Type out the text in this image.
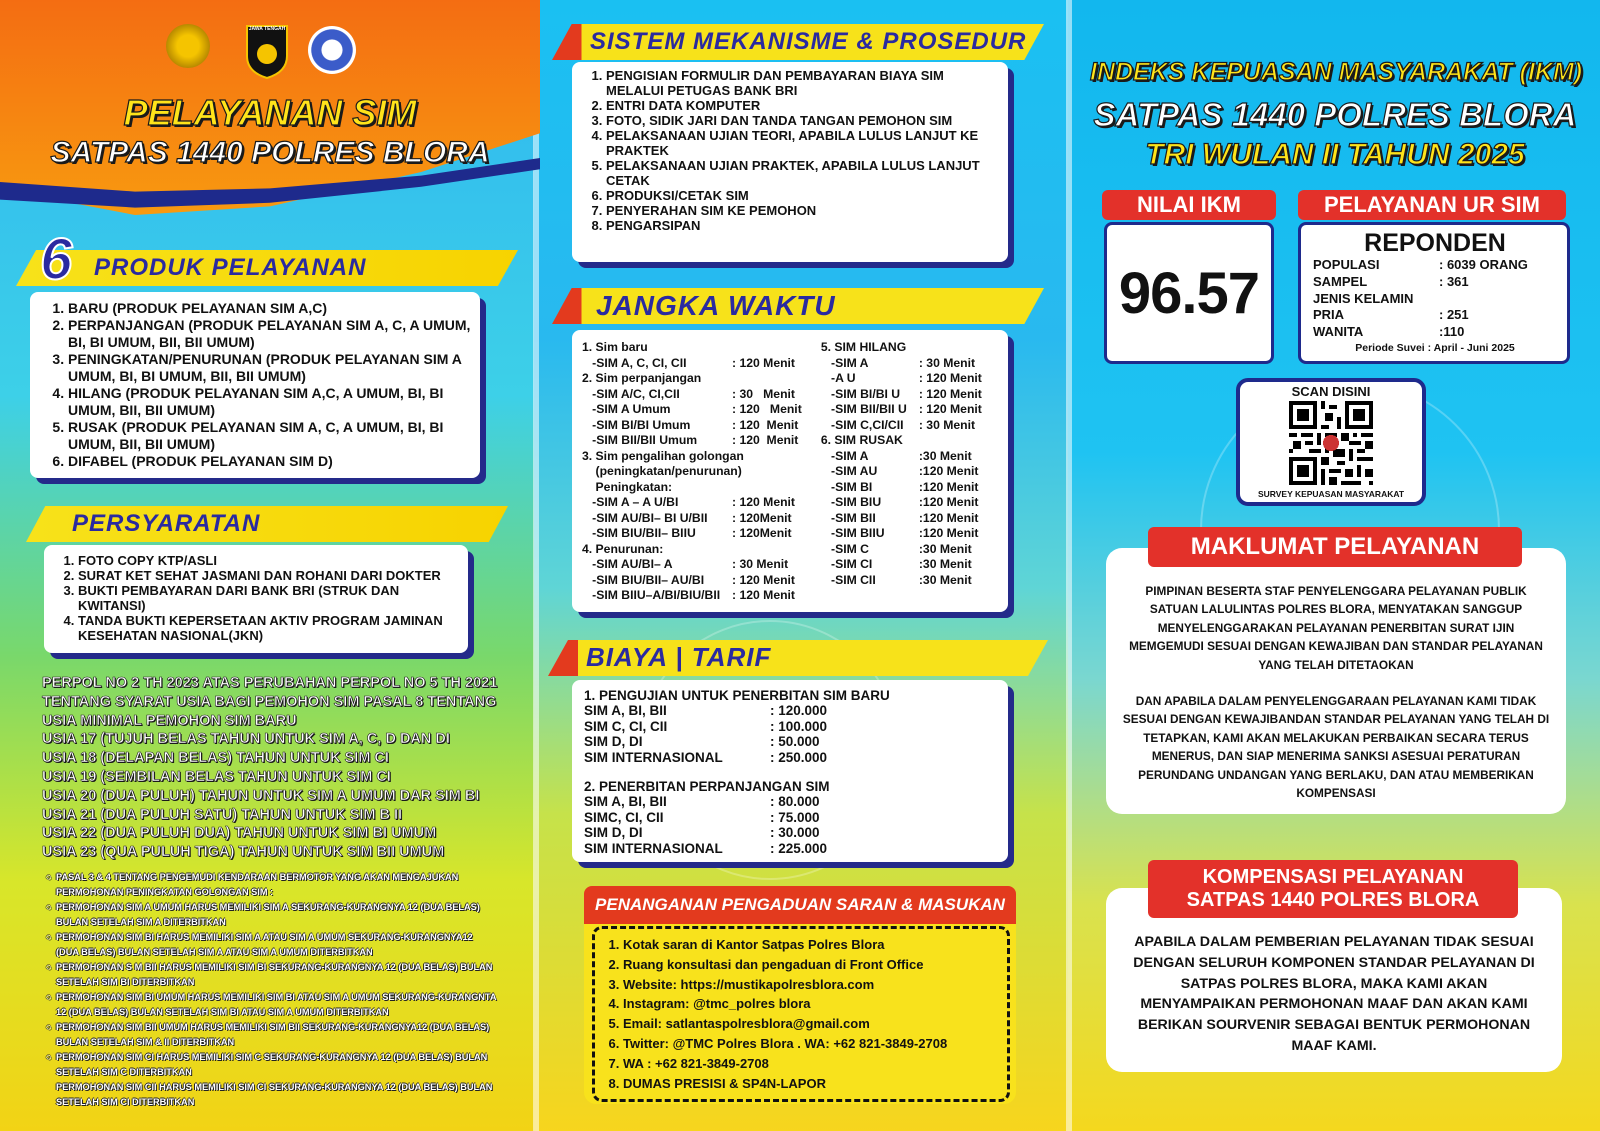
JAWA TENGAH
PELAYANAN SIM
SATPAS 1440 POLRES BLORA
6 PRODUK PELAYANAN
1. BARU (PRODUK PELAYANAN SIM A,C)
2. PERPANJANGAN (PRODUK PELAYANAN SIM A, C, A UMUM, BI, BI UMUM, BII, BII UMUM)
3. PENINGKATAN/PENURUNAN (PRODUK PELAYANAN SIM A UMUM, BI, BI UMUM, BII, BII UMUM)
4. HILANG (PRODUK PELAYANAN SIM A,C, A UMUM, BI, BI UMUM, BII, BII UMUM)
5. RUSAK (PRODUK PELAYANAN SIM A, C, A UMUM, BI, BI UMUM, BII, BII UMUM)
6. DIFABEL (PRODUK PELAYANAN SIM D)
PERSYARATAN
1. FOTO COPY KTP/ASLI
2. SURAT KET SEHAT JASMANI DAN ROHANI DARI DOKTER
3. BUKTI PEMBAYARAN DARI BANK BRI (STRUK DAN KWITANSI)
4. TANDA BUKTI KEPERSETAAN AKTIV PROGRAM JAMINAN KESEHATAN NASIONAL(JKN)
PERPOL NO 2 TH 2023 ATAS PERUBAHAN PERPOL NO 5 TH 2021
TENTANG SYARAT USIA BAGI PEMOHON SIM PASAL 8 TENTANG
USIA MINIMAL PEMOHON SIM BARU
USIA 17 (TUJUH BELAS TAHUN UNTUK SIM A, C, D DAN DI
USIA 18 (DELAPAN BELAS) TAHUN UNTUK SIM CI
USIA 19 (SEMBILAN BELAS TAHUN UNTUK SIM CI
USIA 20 (DUA PULUH) TAHUN UNTUK SIM A UMUM DAR SIM BI
USIA 21 (DUA PULUH SATU) TAHUN UNTUK SIM B II
USIA 22 (DUA PULUH DUA) TAHUN UNTUK SIM BI UMUM
USIA 23 (QUA PULUH TIGA) TAHUN UNTUK SIM BII UMUM
○ PASAL 3 & 4 TENTANG PENGEMUDI KENDARAAN BERMOTOR YANG AKAN MENGAJUKAN
PERMOHONAN PENINGKATAN GOLONGAN SIM :
○ PERMOHONAN SIM A UMUM HARUS MEMILIKI SIM A SEKURANG-KURANGNYA 12 (DUA BELAS)
BULAN SETELAH SIM A DITERBITKAN
○ PERMOHONAN SIM BI HARUS MEMILIKI SIM A ATAU SIM A UMUM SEKURANG-KURANGNYA12
(DUA BELAS) BULAN SETELAH SIM A ATAU SIM A UMUM DITERBITKAN
○ PERMOHONAN S M BII HARUS MEMILIKI SIM BI SEKURANG-KURANGNYA 12 (DUA BELAS) BULAN
SETELAH SIM BI DITERBITKAN
○ PERMOHONAN SIM BI UMUM HARUS MEMILIKI SIM BI ATAU SIM A UMUM SEKURANG-KURANGNTA
12 (DUA BELAS) BULAN SETELAH SIM BI ATAU SIM A UMUM DITERBITKAN
○ PERMOHONAN SIM BII UMUM HARUS MEMILIKI SIM BII SEKURANG-KURANGNYA12 (DUA BELAS)
BULAN SETELAH SIM & II DITERBITKAN
○ PERMOHONAN SIM CI HARUS MEMILIKI SIM C SEKURANG-KURANGNYA 12 (DUA BELAS) BULAN
SETELAH SIM C DITERBITKAN
PERMOHONAN SIM CII HARUS MEMILIKI SIM CI SEKURANG-KURANGNYA 12 (DUA BELAS) BULAN
SETELAH SIM CI DITERBITKAN
SISTEM MEKANISME & PROSEDUR
1. PENGISIAN FORMULIR DAN PEMBAYARAN BIAYA SIM MELALUI PETUGAS BANK BRI
2. ENTRI DATA KOMPUTER
3. FOTO, SIDIK JARI DAN TANDA TANGAN PEMOHON SIM
4. PELAKSANAAN UJIAN TEORI, APABILA LULUS LANJUT KE PRAKTEK
5. PELAKSANAAN UJIAN PRAKTEK, APABILA LULUS LANJUT CETAK
6. PRODUKSI/CETAK SIM
7. PENYERAHAN SIM KE PEMOHON
8. PENGARSIPAN
JANGKA WAKTU
1. Sim baru
-SIM A, C, CI, CII	: 120 Menit
2. Sim perpanjangan
-SIM A/C, CI,CII	: 30   Menit
-SIM A Umum	: 120   Menit
-SIM BI/BI Umum	: 120  Menit
-SIM BII/BII Umum	: 120  Menit
3. Sim pengalihan golongan
(peningkatan/penurunan)
Peningkatan:
-SIM A – A U/BI	: 120 Menit
-SIM AU/BI– BI U/BII	: 120Menit
-SIM BIU/BII– BIIU	: 120Menit
4. Penurunan:
-SIM AU/BI– A	: 30 Menit
-SIM BIU/BII– AU/BI	: 120 Menit
-SIM BIIU–A/BI/BIU/BII : 120 Menit
5. SIM HILANG
-SIM A	: 30 Menit
-A U	: 120 Menit
-SIM BI/BI U	: 120 Menit
-SIM BII/BII U : 120 Menit
-SIM C,CI/CII	: 30 Menit
6. SIM RUSAK
-SIM A	:30 Menit
-SIM AU	:120 Menit
-SIM BI	:120 Menit
-SIM BIU	:120 Menit
-SIM BII	:120 Menit
-SIM BIIU	:120 Menit
-SIM C	:30 Menit
-SIM CI	:30 Menit
-SIM CII	:30 Menit
BIAYA | TARIF
1. PENGUJIAN UNTUK PENERBITAN SIM BARU
SIM A, BI, BII	: 120.000
SIM C, CI, CII	: 100.000
SIM D, DI	: 50.000
SIM INTERNASIONAL	: 250.000
2. PENERBITAN PERPANJANGAN SIM
SIM A, BI, BII	: 80.000
SIMC, CI, CII	: 75.000
SIM D, DI	: 30.000
SIM INTERNASIONAL	: 225.000
PENANGANAN PENGADUAN SARAN & MASUKAN
1. Kotak saran di Kantor Satpas Polres Blora
2. Ruang konsultasi dan pengaduan di Front Office
3. Website: https://mustikapolresblora.com
4. Instagram: @tmc_polres blora
5. Email: satlantaspolresblora@gmail.com
6. Twitter: @TMC Polres Blora . WA: +62 821-3849-2708
7. WA : +62 821-3849-2708
8. DUMAS PRESISI & SP4N-LAPOR
INDEKS KEPUASAN MASYARAKAT (IKM)
SATPAS 1440 POLRES BLORA
TRI WULAN II TAHUN 2025
NILAI IKM
96.57
PELAYANAN UR SIM
REPONDEN
POPULASI	: 6039 ORANG
SAMPEL	: 361
JENIS KELAMIN
PRIA	: 251
WANITA	:110
Periode Suvei : April - Juni 2025
SCAN DISINI
SURVEY KEPUASAN MASYARAKAT
PIMPINAN BESERTA STAF PENYELENGGARA PELAYANAN PUBLIK SATUAN LALULINTAS POLRES BLORA, MENYATAKAN SANGGUP MENYELENGGARAKAN PELAYANAN PENERBITAN SURAT IJIN MEMGEMUDI SESUAI DENGAN KEWAJIBAN DAN STANDAR PELAYANAN YANG TELAH DITETAOKAN
DAN APABILA DALAM PENYELENGGARAAN PELAYANAN KAMI TIDAK SESUAI DENGAN KEWAJIBANDAN STANDAR PELAYANAN YANG TELAH DI TETAPKAN, KAMI AKAN MELAKUKAN PERBAIKAN SECARA TERUS MENERUS, DAN SIAP MENERIMA SANKSI ASESUAI PERATURAN PERUNDANG UNDANGAN YANG BERLAKU, DAN ATAU MEMBERIKAN KOMPENSASI
MAKLUMAT PELAYANAN
APABILA DALAM PEMBERIAN PELAYANAN TIDAK SESUAI DENGAN SELURUH KOMPONEN STANDAR PELAYANAN DI SATPAS POLRES BLORA, MAKA KAMI AKAN MENYAMPAIKAN PERMOHONAN MAAF DAN AKAN KAMI BERIKAN SOURVENIR SEBAGAI BENTUK PERMOHONAN MAAF KAMI.
KOMPENSASI PELAYANAN
SATPAS 1440 POLRES BLORA
